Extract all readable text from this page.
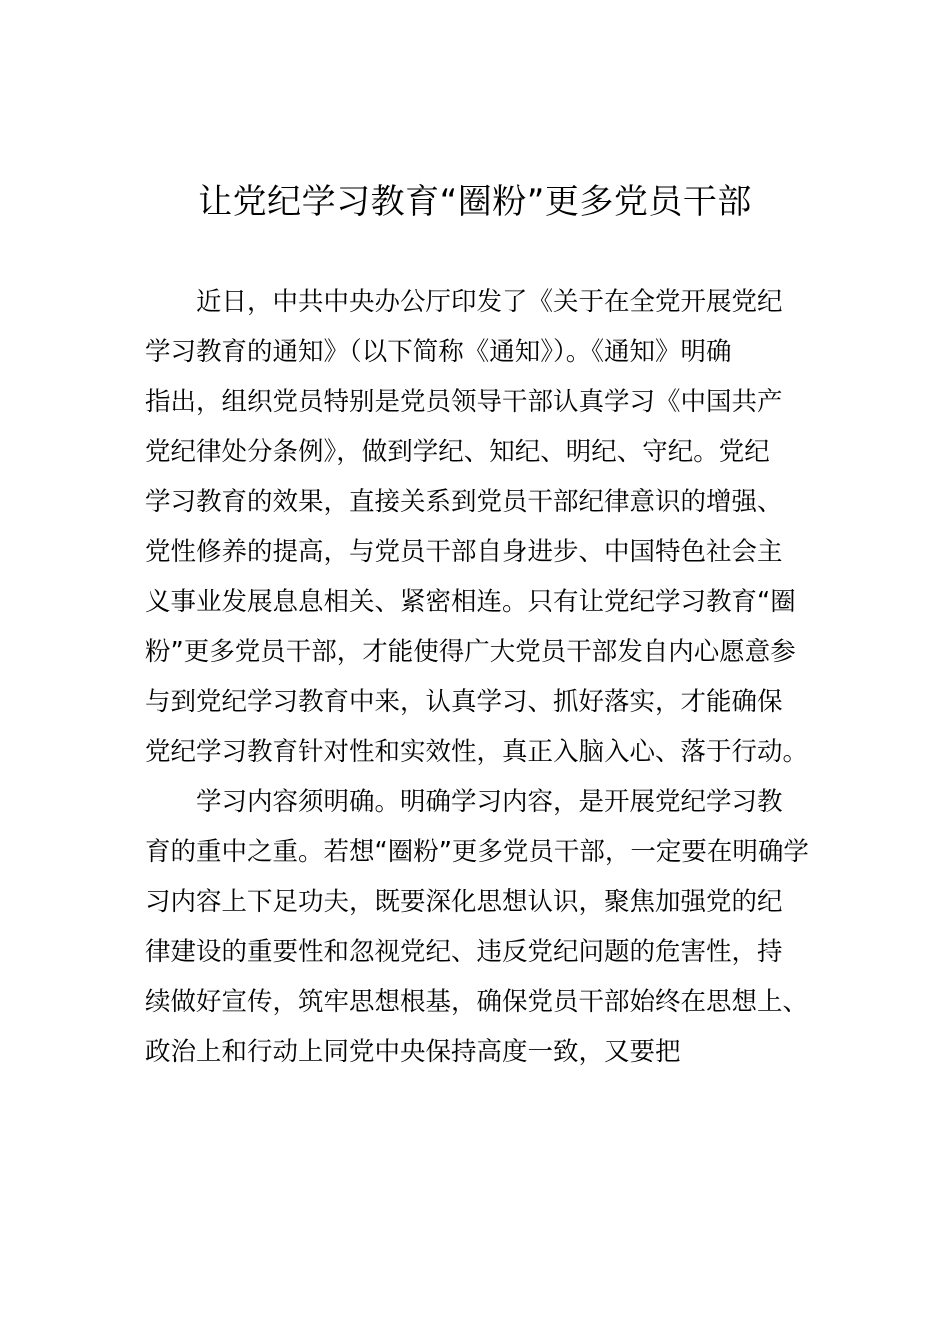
让党纪学习教育“圈粉”更多党员干部

近日，中共中央办公厅印发了《关于在全党开展党纪
学习教育的通知》（以下简称《通知》）。《通知》明确
指出，组织党员特别是党员领导干部认真学习《中国共产
党纪律处分条例》，做到学纪、知纪、明纪、守纪。党纪
学习教育的效果，直接关系到党员干部纪律意识的增强、
党性修养的提高，与党员干部自身进步、中国特色社会主
义事业发展息息相关、紧密相连。只有让党纪学习教育“圈
粉”更多党员干部，才能使得广大党员干部发自内心愿意参
与到党纪学习教育中来，认真学习、抓好落实，才能确保
党纪学习教育针对性和实效性，真正入脑入心、落于行动。

学习内容须明确。明确学习内容，是开展党纪学习教
育的重中之重。若想“圈粉”更多党员干部，一定要在明确学
习内容上下足功夫，既要深化思想认识，聚焦加强党的纪
律建设的重要性和忽视党纪、违反党纪问题的危害性，持
续做好宣传，筑牢思想根基，确保党员干部始终在思想上、
政治上和行动上同党中央保持高度一致，又要把
